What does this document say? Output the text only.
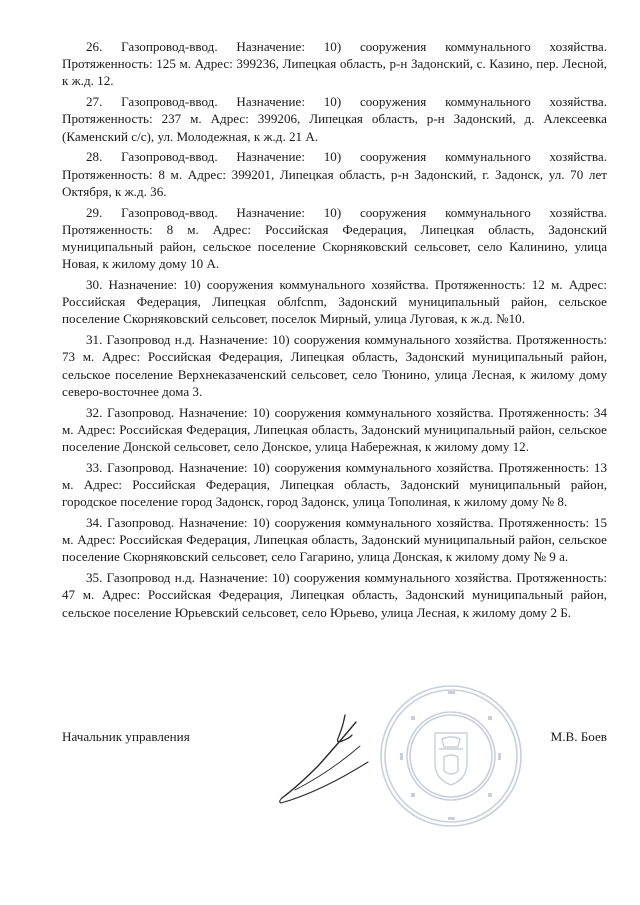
26. Газопровод-ввод. Назначение: 10) сооружения коммунального хозяйства. Протяженность: 125 м. Адрес: 399236, Липецкая область, р-н Задонский, с. Казино, пер. Лесной, к ж.д. 12.

27. Газопровод-ввод. Назначение: 10) сооружения коммунального хозяйства. Протяженность: 237 м. Адрес: 399206, Липецкая область, р-н Задонский, д. Алексеевка (Каменский с/с), ул. Молодежная, к ж.д. 21 А.

28. Газопровод-ввод. Назначение: 10) сооружения коммунального хозяйства. Протяженность: 8 м. Адрес: 399201, Липецкая область, р-н Задонский, г. Задонск, ул. 70 лет Октября, к ж.д. 36.

29. Газопровод-ввод. Назначение: 10) сооружения коммунального хозяйства. Протяженность: 8 м. Адрес: Российская Федерация, Липецкая область, Задонский муниципальный район, сельское поселение Скорняковский сельсовет, село Калинино, улица Новая, к жилому дому 10 А.

30. Назначение: 10) сооружения коммунального хозяйства. Протяженность: 12 м. Адрес: Российская Федерация, Липецкая облfcnm, Задонский муниципальный район, сельское поселение Скорняковский сельсовет, поселок Мирный, улица Луговая, к ж.д. №10.

31. Газопровод н.д. Назначение: 10) сооружения коммунального хозяйства. Протяженность: 73 м. Адрес: Российская Федерация, Липецкая область, Задонский муниципальный район, сельское поселение Верхнеказаченский сельсовет, село Тюнино, улица Лесная, к жилому дому северо-восточнее дома 3.

32. Газопровод. Назначение: 10) сооружения коммунального хозяйства. Протяженность: 34 м. Адрес: Российская Федерация, Липецкая область, Задонский муниципальный район, сельское поселение Донской сельсовет, село Донское, улица Набережная, к жилому дому 12.

33. Газопровод. Назначение: 10) сооружения коммунального хозяйства. Протяженность: 13 м. Адрес: Российская Федерация, Липецкая область, Задонский муниципальный район, городское поселение город Задонск, город Задонск, улица Тополиная, к жилому дому № 8.

34. Газопровод. Назначение: 10) сооружения коммунального хозяйства. Протяженность: 15 м. Адрес: Российская Федерация, Липецкая область, Задонский муниципальный район, сельское поселение Скорняковский сельсовет, село Гагарино, улица Донская, к жилому дому № 9 а.

35. Газопровод н.д. Назначение: 10) сооружения коммунального хозяйства. Протяженность: 47 м. Адрес: Российская Федерация, Липецкая область, Задонский муниципальный район, сельское поселение Юрьевский сельсовет, село Юрьево, улица Лесная, к жилому дому 2 Б.

Начальник управления	М.В. Боев
